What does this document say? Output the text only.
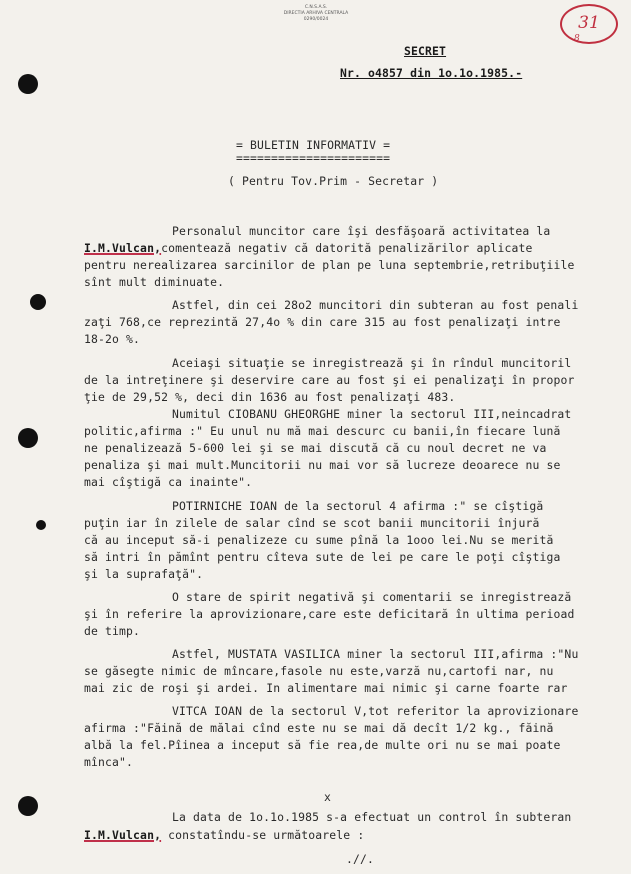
C.N.S.A.S.
DIRECTIA ARHIVA CENTRALA
0290/0024	31
8
SECRET
Nr. o4857 din 1o.1o.1985.-
= BULETIN INFORMATIV =
======================
( Pentru Tov.Prim - Secretar )
Personalul muncitor care îşi desfăşoară activitatea la
I.M.Vulcan,comentează negativ că datorită penalizărilor aplicate
pentru nerealizarea sarcinilor de plan pe luna septembrie,retribuţiile
sînt mult diminuate.
Astfel, din cei 28o2 muncitori din subteran au fost penali
zaţi 768,ce reprezintă 27,4o % din care 315 au fost penalizaţi intre
18-2o %.
Aceiaşi situaţie se inregistrează şi în rîndul muncitoril
de la intreţinere şi deservire care au fost şi ei penalizaţi în propor
ţie de 29,52 %, deci din 1636 au fost penalizaţi 483.
Numitul CIOBANU GHEORGHE miner la sectorul III,neincadrat
politic,afirma :" Eu unul nu mă mai descurc cu banii,în fiecare lună
ne penalizează 5-600 lei şi se mai discută că cu noul decret ne va
penaliza şi mai mult.Muncitorii nu mai vor să lucreze deoarece nu se
mai cîştigă ca inainte".
POTIRNICHE IOAN de la sectorul 4 afirma :" se cîştigă
puţin iar în zilele de salar cînd se scot banii muncitorii înjură
că au inceput să-i penalizeze cu sume pînă la 1ooo lei.Nu se merită
să intri în pămînt pentru cîteva sute de lei pe care le poţi cîştiga
şi la suprafaţă".
O stare de spirit negativă şi comentarii se inregistrează
şi în referire la aprovizionare,care este deficitară în ultima perioad
de timp.
Astfel, MUSTATA VASILICA miner la sectorul III,afirma :"Nu
se găsegte nimic de mîncare,fasole nu este,varză nu,cartofi nar, nu
mai zic de roşi şi ardei. In alimentare mai nimic şi carne foarte rar
VITCA IOAN de la sectorul V,tot referitor la aprovizionare
afirma :"Făină de mălai cînd este nu se mai dă decît 1/2 kg., făină
albă la fel.Pîinea a inceput să fie rea,de multe ori nu se mai poate
mînca".
x
La data de 1o.1o.1985 s-a efectuat un control în subteran
I.M.Vulcan, constatîndu-se următoarele :
.//.
